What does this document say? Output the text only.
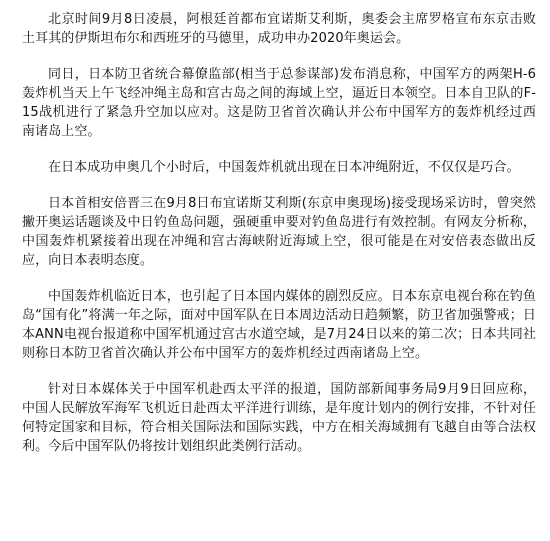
北京时间9月8日凌晨，阿根廷首都布宜诺斯艾利斯，奥委会主席罗格宣布东京击败土耳其的伊斯坦布尔和西班牙的马德里，成功申办2020年奥运会。

同日，日本防卫省统合幕僚监部(相当于总参谋部)发布消息称，中国军方的两架H-6轰炸机当天上午飞经冲绳主岛和宫古岛之间的海域上空，逼近日本领空。日本自卫队的F-15战机进行了紧急升空加以应对。这是防卫省首次确认并公布中国军方的轰炸机经过西南诸岛上空。

在日本成功申奥几个小时后，中国轰炸机就出现在日本冲绳附近，不仅仅是巧合。

日本首相安倍晋三在9月8日布宜诺斯艾利斯(东京申奥现场)接受现场采访时，曾突然撇开奥运话题谈及中日钓鱼岛问题，强硬重申要对钓鱼岛进行有效控制。有网友分析称，中国轰炸机紧接着出现在冲绳和宫古海峡附近海域上空，很可能是在对安倍表态做出反应，向日本表明态度。

中国轰炸机临近日本，也引起了日本国内媒体的剧烈反应。日本东京电视台称在钓鱼岛“国有化”将满一年之际，面对中国军队在日本周边活动日趋频繁，防卫省加强警戒；日本ANN电视台报道称中国军机通过宫古水道空域，是7月24日以来的第二次；日本共同社则称日本防卫省首次确认并公布中国军方的轰炸机经过西南诸岛上空。

针对日本媒体关于中国军机赴西太平洋的报道，国防部新闻事务局9月9日回应称，中国人民解放军海军飞机近日赴西太平洋进行训练，是年度计划内的例行安排，不针对任何特定国家和目标，符合相关国际法和国际实践，中方在相关海域拥有飞越自由等合法权利。今后中国军队仍将按计划组织此类例行活动。
